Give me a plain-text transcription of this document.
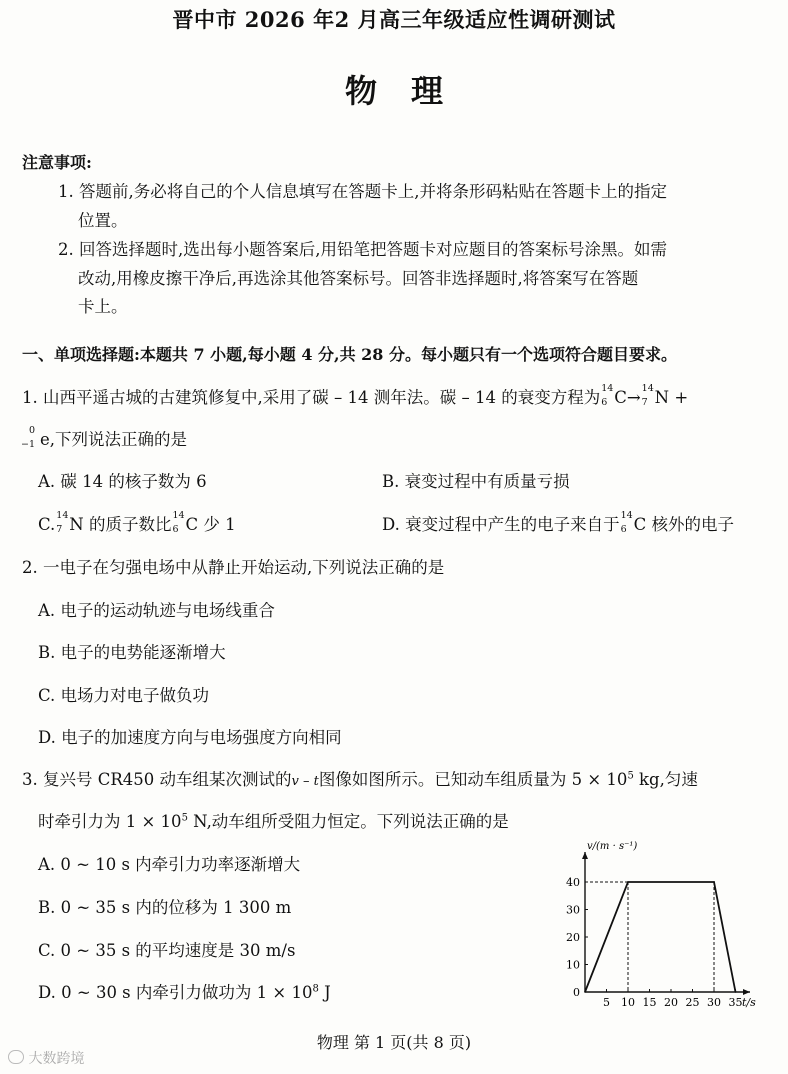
晋中市 2026 年2 月高三年级适应性调研测试
物理
注意事项:
1. 答题前,务必将自己的个人信息填写在答题卡上,并将条形码粘贴在答题卡上的指定
位置。
2. 回答选择题时,选出每小题答案后,用铅笔把答题卡对应题目的答案标号涂黑。如需
改动,用橡皮擦干净后,再选涂其他答案标号。回答非选择题时,将答案写在答题
卡上。
一、单项选择题:本题共 7 小题,每小题 4 分,共 28 分。每小题只有一个选项符合题目要求。
1. 山西平遥古城的古建筑修复中,采用了碳 – 14 测年法。碳 – 14 的衰变方程为 14
6 C→ 14
7 N +
0
−1 e,下列说法正确的是
A. 碳 14 的核子数为 6	B. 衰变过程中有质量亏损
C. 14
7 N 的质子数比 14
6 C 少 1	D. 衰变过程中产生的电子来自于 14
6 C 核外的电子
2. 一电子在匀强电场中从静止开始运动,下列说法正确的是
A. 电子的运动轨迹与电场线重合
B. 电子的电势能逐渐增大
C. 电场力对电子做负功
D. 电子的加速度方向与电场强度方向相同
3. 复兴号 CR450 动车组某次测试的v – t图像如图所示。已知动车组质量为 $5 \times 10^5$ kg,匀速
时牵引力为 $1 \times 10^5$ N,动车组所受阻力恒定。下列说法正确的是
A. 0 ~ 10 s 内牵引力功率逐渐增大
B. 0 ~ 35 s 内的位移为 1 300 m
C. 0 ~ 35 s 的平均速度是 30 m/s
D. 0 ~ 30 s 内牵引力做功为 $1 \times 10^8$ J
5 10 15 20 25 30 35
0
10
20
30
40
v/(m · s⁻¹)
t/s
物理 第 1 页(共 8 页)
大数跨境
